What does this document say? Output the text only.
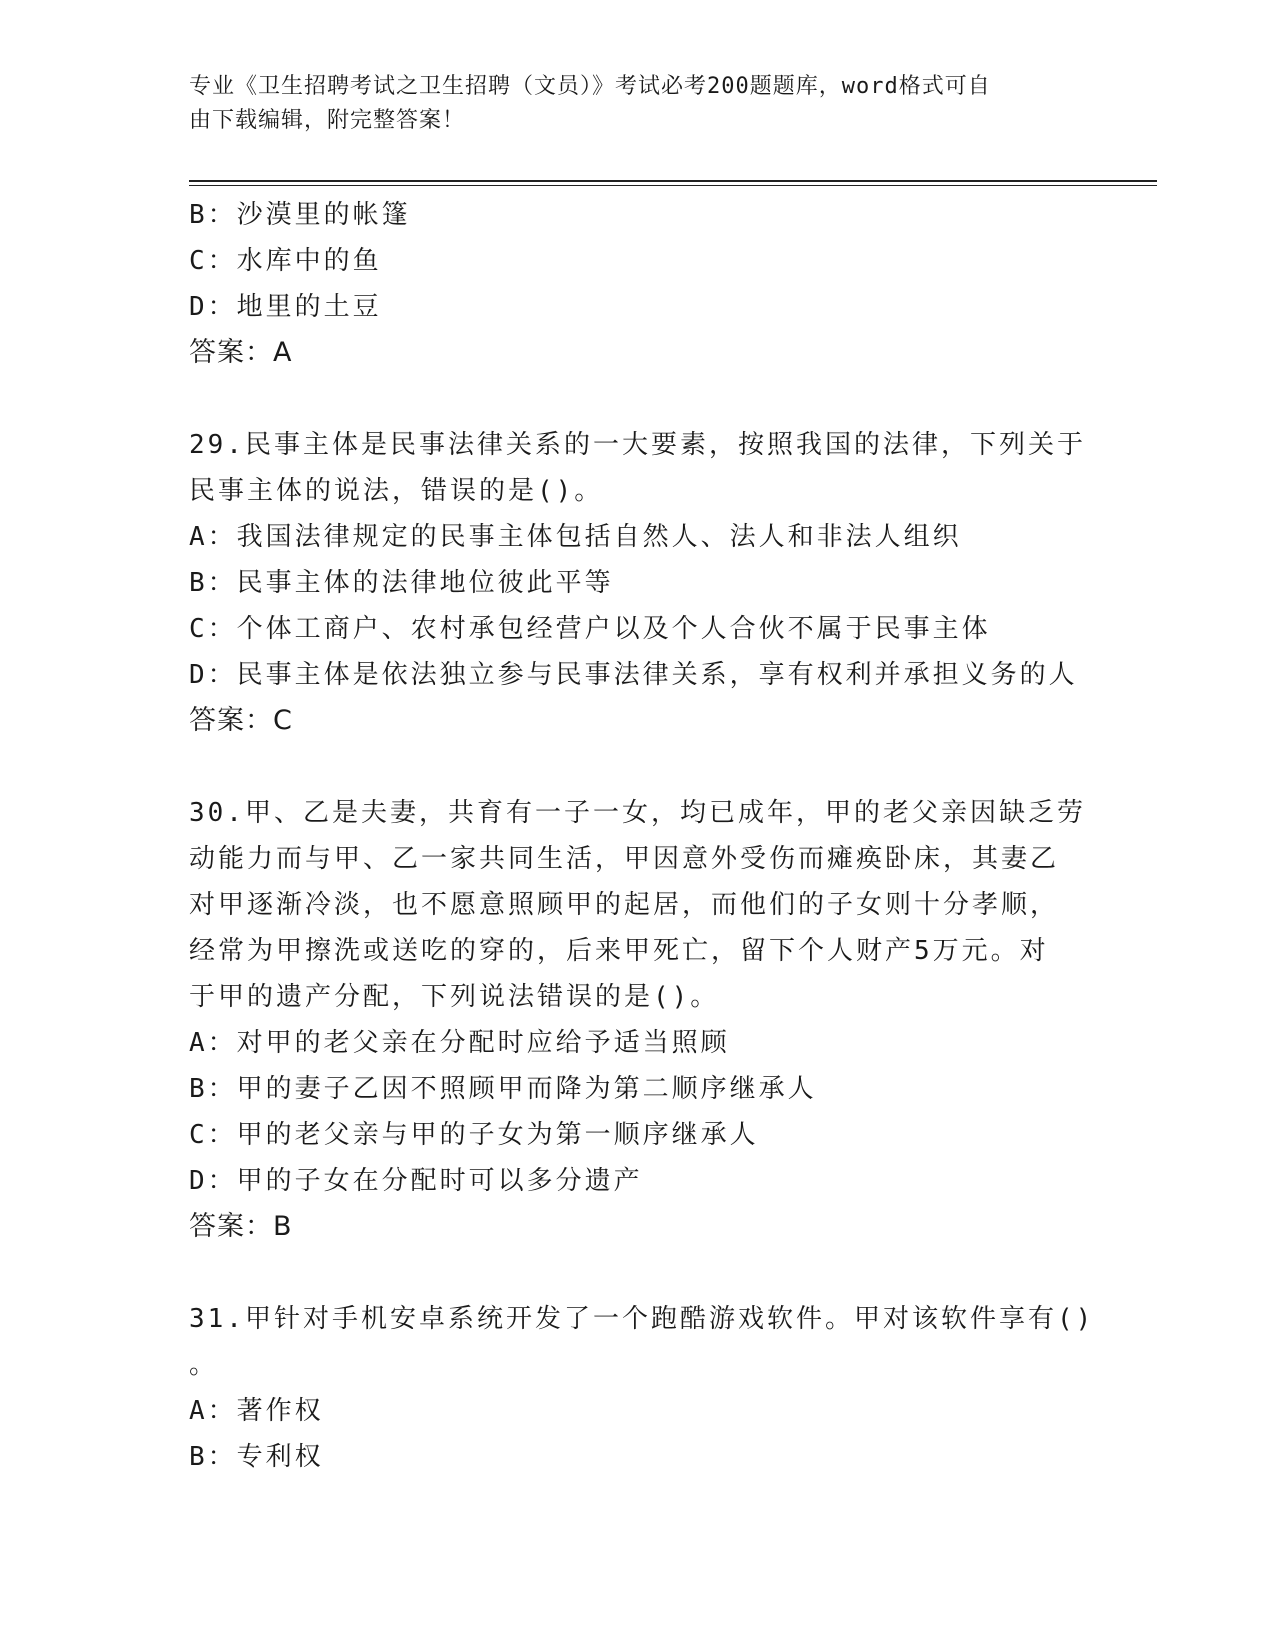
专业《卫生招聘考试之卫生招聘（文员）》考试必考200题题库，word格式可自
由下载编辑，附完整答案！
B：沙漠里的帐篷
C：水库中的鱼
D：地里的土豆
答案：A
29.民事主体是民事法律关系的一大要素，按照我国的法律，下列关于
民事主体的说法，错误的是()。
A：我国法律规定的民事主体包括自然人、法人和非法人组织
B：民事主体的法律地位彼此平等
C：个体工商户、农村承包经营户以及个人合伙不属于民事主体
D：民事主体是依法独立参与民事法律关系，享有权利并承担义务的人
答案：C
30.甲、乙是夫妻，共育有一子一女，均已成年，甲的老父亲因缺乏劳
动能力而与甲、乙一家共同生活，甲因意外受伤而瘫痪卧床，其妻乙
对甲逐渐冷淡，也不愿意照顾甲的起居，而他们的子女则十分孝顺，
经常为甲擦洗或送吃的穿的，后来甲死亡，留下个人财产5万元。对
于甲的遗产分配，下列说法错误的是()。
A：对甲的老父亲在分配时应给予适当照顾
B：甲的妻子乙因不照顾甲而降为第二顺序继承人
C：甲的老父亲与甲的子女为第一顺序继承人
D：甲的子女在分配时可以多分遗产
答案：B
31.甲针对手机安卓系统开发了一个跑酷游戏软件。甲对该软件享有()
。
A：著作权
B：专利权
